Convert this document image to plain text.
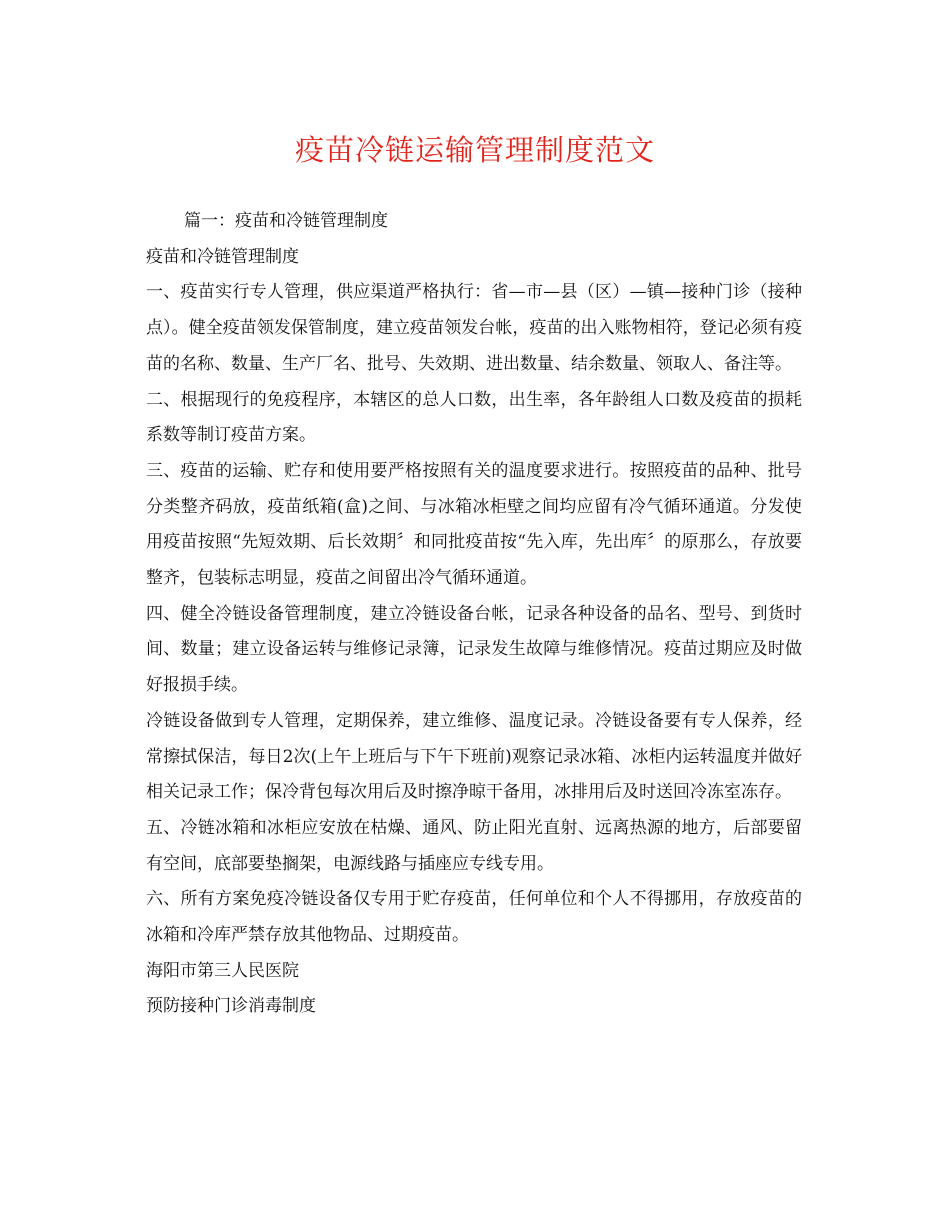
疫苗冷链运输管理制度范文

篇一：疫苗和冷链管理制度

疫苗和冷链管理制度

一、疫苗实行专人管理，供应渠道严格执行：省—市—县（区）—镇—接种门诊（接种点）。健全疫苗领发保管制度，建立疫苗领发台帐，疫苗的出入账物相符，登记必须有疫苗的名称、数量、生产厂名、批号、失效期、进出数量、结余数量、领取人、备注等。

二、根据现行的免疫程序，本辖区的总人口数，出生率，各年龄组人口数及疫苗的损耗系数等制订疫苗方案。

三、疫苗的运输、贮存和使用要严格按照有关的温度要求进行。按照疫苗的品种、批号分类整齐码放，疫苗纸箱(盒)之间、与冰箱冰柜壁之间均应留有冷气循环通道。分发使用疫苗按照“先短效期、后长效期〞和同批疫苗按“先入库，先出库〞的原那么，存放要整齐，包装标志明显，疫苗之间留出冷气循环通道。

四、健全冷链设备管理制度，建立冷链设备台帐，记录各种设备的品名、型号、到货时间、数量；建立设备运转与维修记录簿，记录发生故障与维修情况。疫苗过期应及时做好报损手续。

冷链设备做到专人管理，定期保养，建立维修、温度记录。冷链设备要有专人保养，经常擦拭保洁，每日2次(上午上班后与下午下班前)观察记录冰箱、冰柜内运转温度并做好相关记录工作；保冷背包每次用后及时擦净晾干备用，冰排用后及时送回冷冻室冻存。

五、冷链冰箱和冰柜应安放在枯燥、通风、防止阳光直射、远离热源的地方，后部要留有空间，底部要垫搁架，电源线路与插座应专线专用。

六、所有方案免疫冷链设备仅专用于贮存疫苗，任何单位和个人不得挪用，存放疫苗的冰箱和冷库严禁存放其他物品、过期疫苗。

海阳市第三人民医院

预防接种门诊消毒制度
